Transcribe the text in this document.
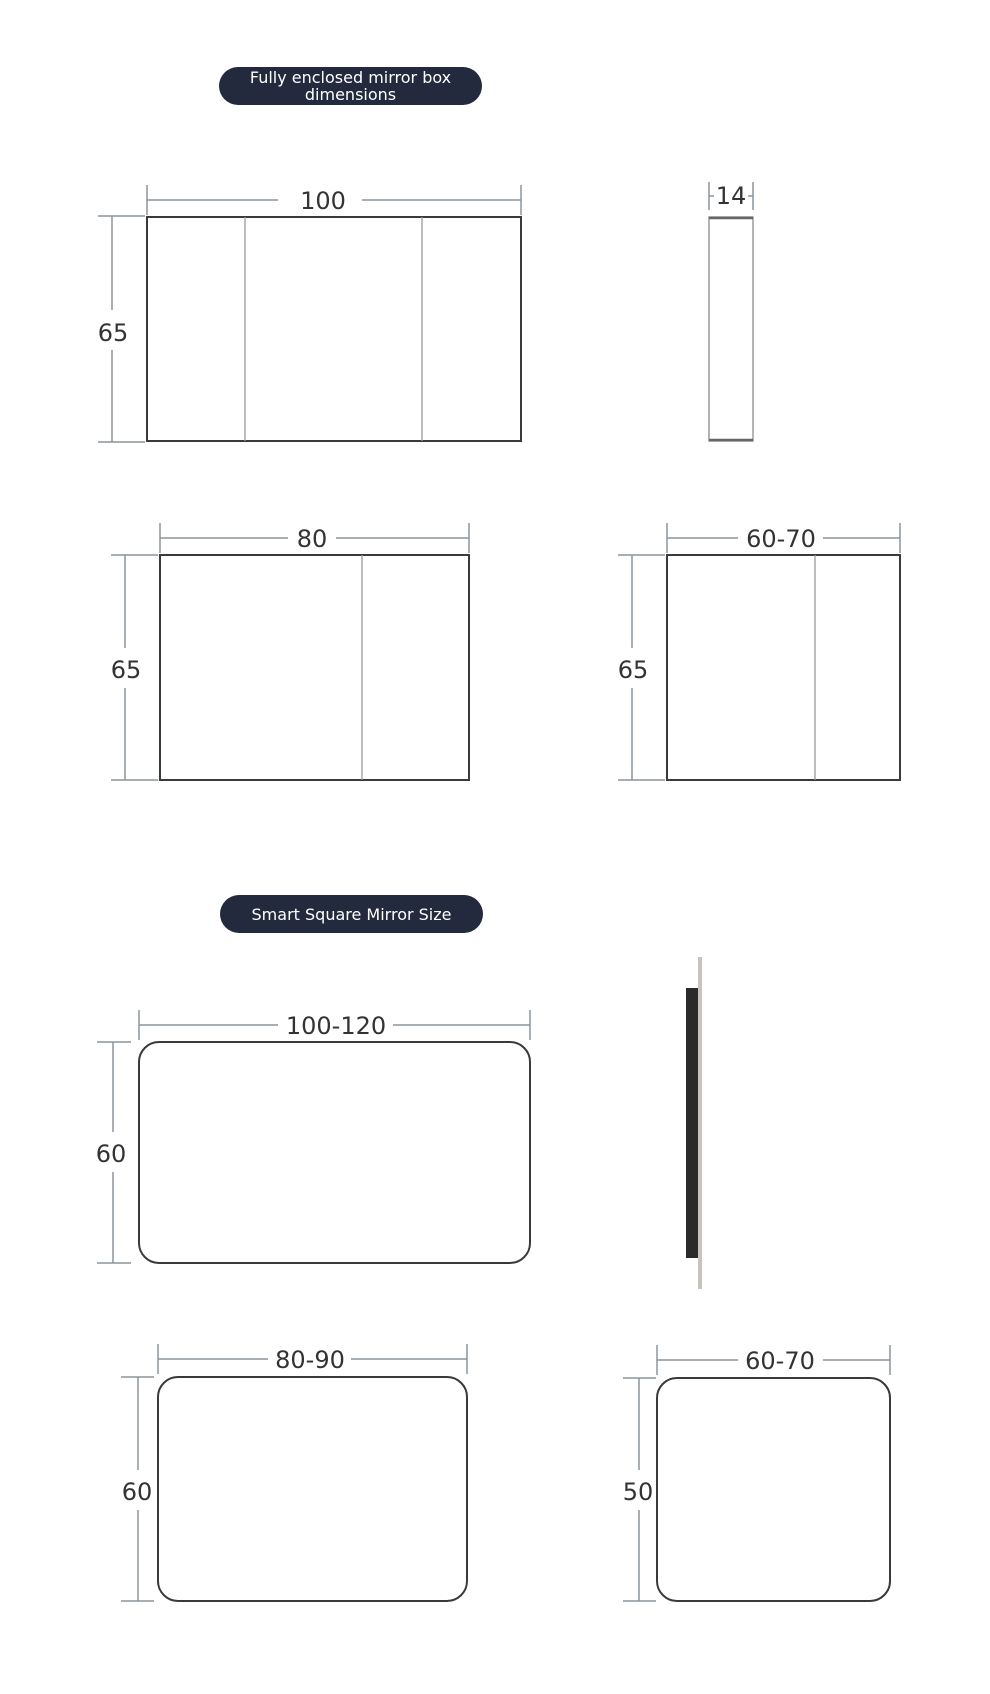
Fully enclosed mirror box dimensions
Smart Square Mirror Size
100
65
14
80
65
60-70
65
100-120
60
80-90
60
60-70
50
